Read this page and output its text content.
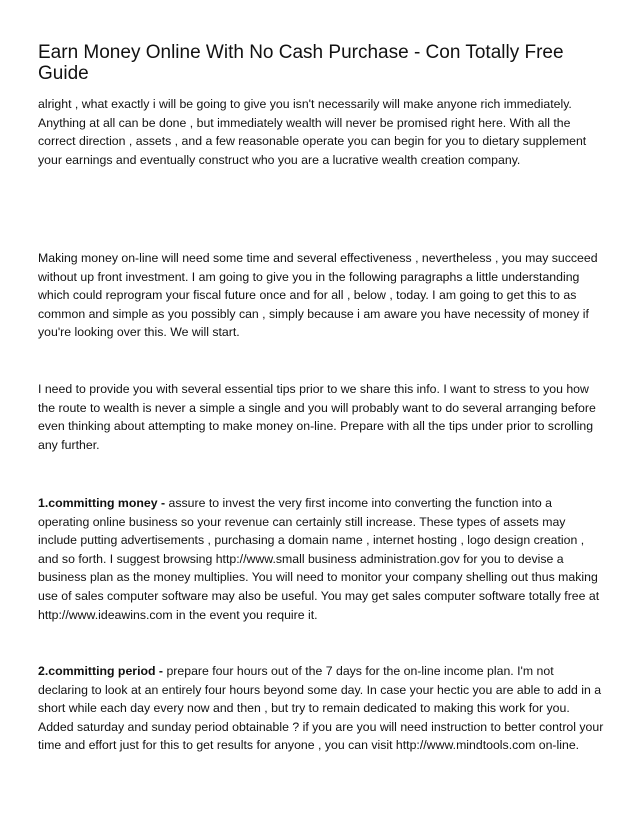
Earn Money Online With No Cash Purchase - Con Totally Free Guide

alright , what exactly i will be going to give you isn't necessarily will make anyone rich immediately. Anything at all can be done , but immediately wealth will never be promised right here. With all the correct direction , assets , and a few reasonable operate you can begin for you to dietary supplement your earnings and eventually construct who you are a lucrative wealth creation company.

Making money on-line will need some time and several effectiveness , nevertheless , you may succeed without up front investment. I am going to give you in the following paragraphs a little understanding which could reprogram your fiscal future once and for all , below , today. I am going to get this to as common and simple as you possibly can , simply because i am aware you have necessity of money if you're looking over this. We will start.

I need to provide you with several essential tips prior to we share this info. I want to stress to you how the route to wealth is never a simple a single and you will probably want to do several arranging before even thinking about attempting to make money on-line. Prepare with all the tips under prior to scrolling any further.

1.committing money - assure to invest the very first income into converting the function into a operating online business so your revenue can certainly still increase. These types of assets may include putting advertisements , purchasing a domain name , internet hosting , logo design creation , and so forth. I suggest browsing http://www.small business administration.gov for you to devise a business plan as the money multiplies. You will need to monitor your company shelling out thus making use of sales computer software may also be useful. You may get sales computer software totally free at http://www.ideawins.com in the event you require it.

2.committing period - prepare four hours out of the 7 days for the on-line income plan. I'm not declaring to look at an entirely four hours beyond some day. In case your hectic you are able to add in a short while each day every now and then , but try to remain dedicated to making this work for you. Added saturday and sunday period obtainable ? if you are you will need instruction to better control your time and effort just for this to get results for anyone , you can visit http://www.mindtools.com on-line.
